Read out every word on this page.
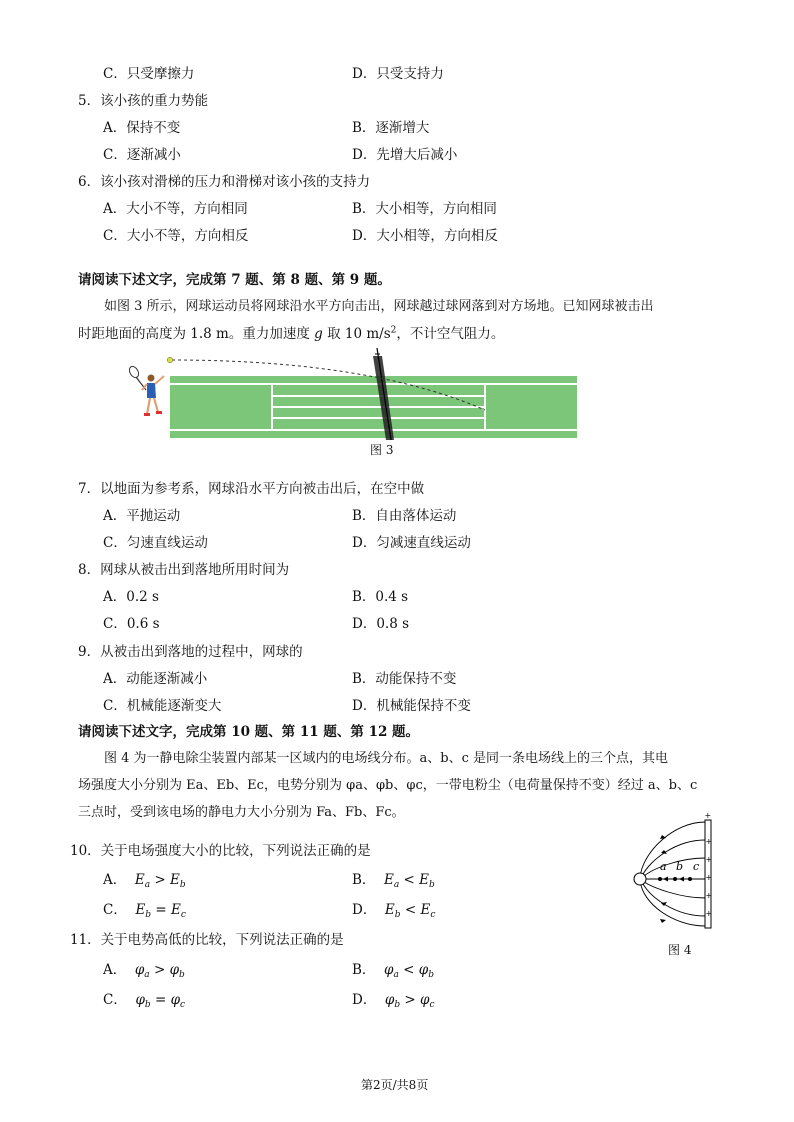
C．只受摩擦力	D．只受支持力
5．该小孩的重力势能
A．保持不变	B．逐渐增大
C．逐渐减小	D．先增大后减小
6．该小孩对滑梯的压力和滑梯对该小孩的支持力
A．大小不等，方向相同	B．大小相等，方向相同
C．大小不等，方向相反	D．大小相等，方向相反
请阅读下述文字，完成第 7 题、第 8 题、第 9 题。
如图 3 所示，网球运动员将网球沿水平方向击出，网球越过球网落到对方场地。已知网球被击出
时距地面的高度为 1.8 m。重力加速度 g 取 10 $m/s^2$，不计空气阻力。
图 3
7．以地面为参考系，网球沿水平方向被击出后，在空中做
A．平抛运动	B．自由落体运动
C．匀速直线运动	D．匀减速直线运动
8．网球从被击出到落地所用时间为
A．0.2 s	B．0.4 s
C．0.6 s	D．0.8 s
9．从被击出到落地的过程中，网球的
A．动能逐渐减小	B．动能保持不变
C．机械能逐渐变大	D．机械能保持不变
请阅读下述文字，完成第 10 题、第 11 题、第 12 题。
图 4 为一静电除尘装置内部某一区域内的电场线分布。a、b、c 是同一条电场线上的三个点，其电
场强度大小分别为 Ea、Eb、Ec，电势分别为 φa、φb、φc，一带电粉尘（电荷量保持不变）经过 a、b、c
三点时，受到该电场的静电力大小分别为 Fa、Fb、Fc。	+
+
+
+
+
+
a b c
图 4
10．关于电场强度大小的比较，下列说法正确的是
A． $E_a > E_b$	B． $E_a < E_b$
C． $E_b = E_c$	D． $E_b < E_c$
11．关于电势高低的比较，下列说法正确的是
A． $\varphi_a > \varphi_b$	B． $\varphi_a < \varphi_b$
C． $\varphi_b = \varphi_c$	D． $\varphi_b > \varphi_c$
第2页/共8页
